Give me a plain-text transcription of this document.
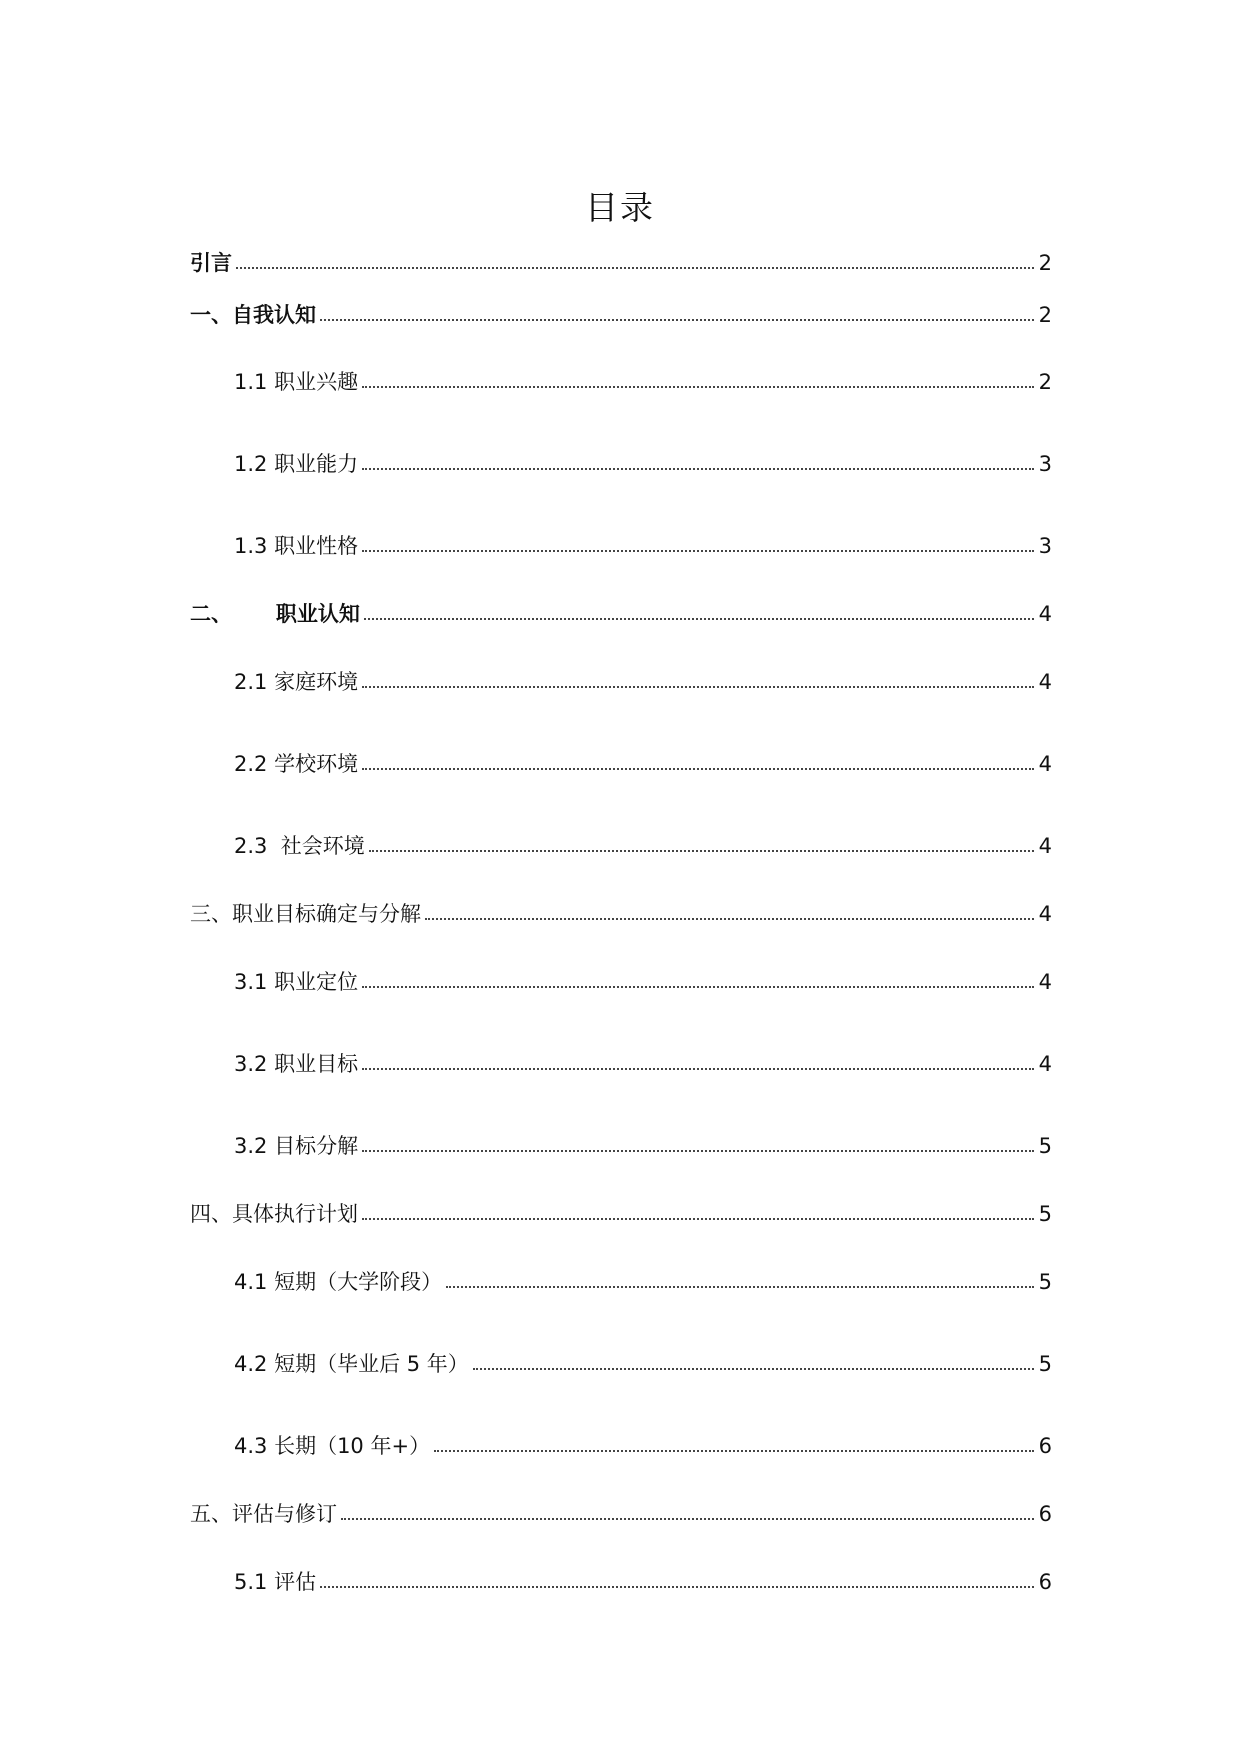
目录
引言	2
一、自我认知	2
1.1 职业兴趣	2
1.2 职业能力	3
1.3 职业性格	3
二、      职业认知	4
2.1 家庭环境	4
2.2 学校环境	4
2.3  社会环境	4
三、职业目标确定与分解	4
3.1 职业定位	4
3.2 职业目标	4
3.2 目标分解	5
四、具体执行计划	5
4.1 短期（大学阶段）	5
4.2 短期（毕业后 5 年）	5
4.3 长期（10 年+）	6
五、评估与修订	6
5.1 评估	6
